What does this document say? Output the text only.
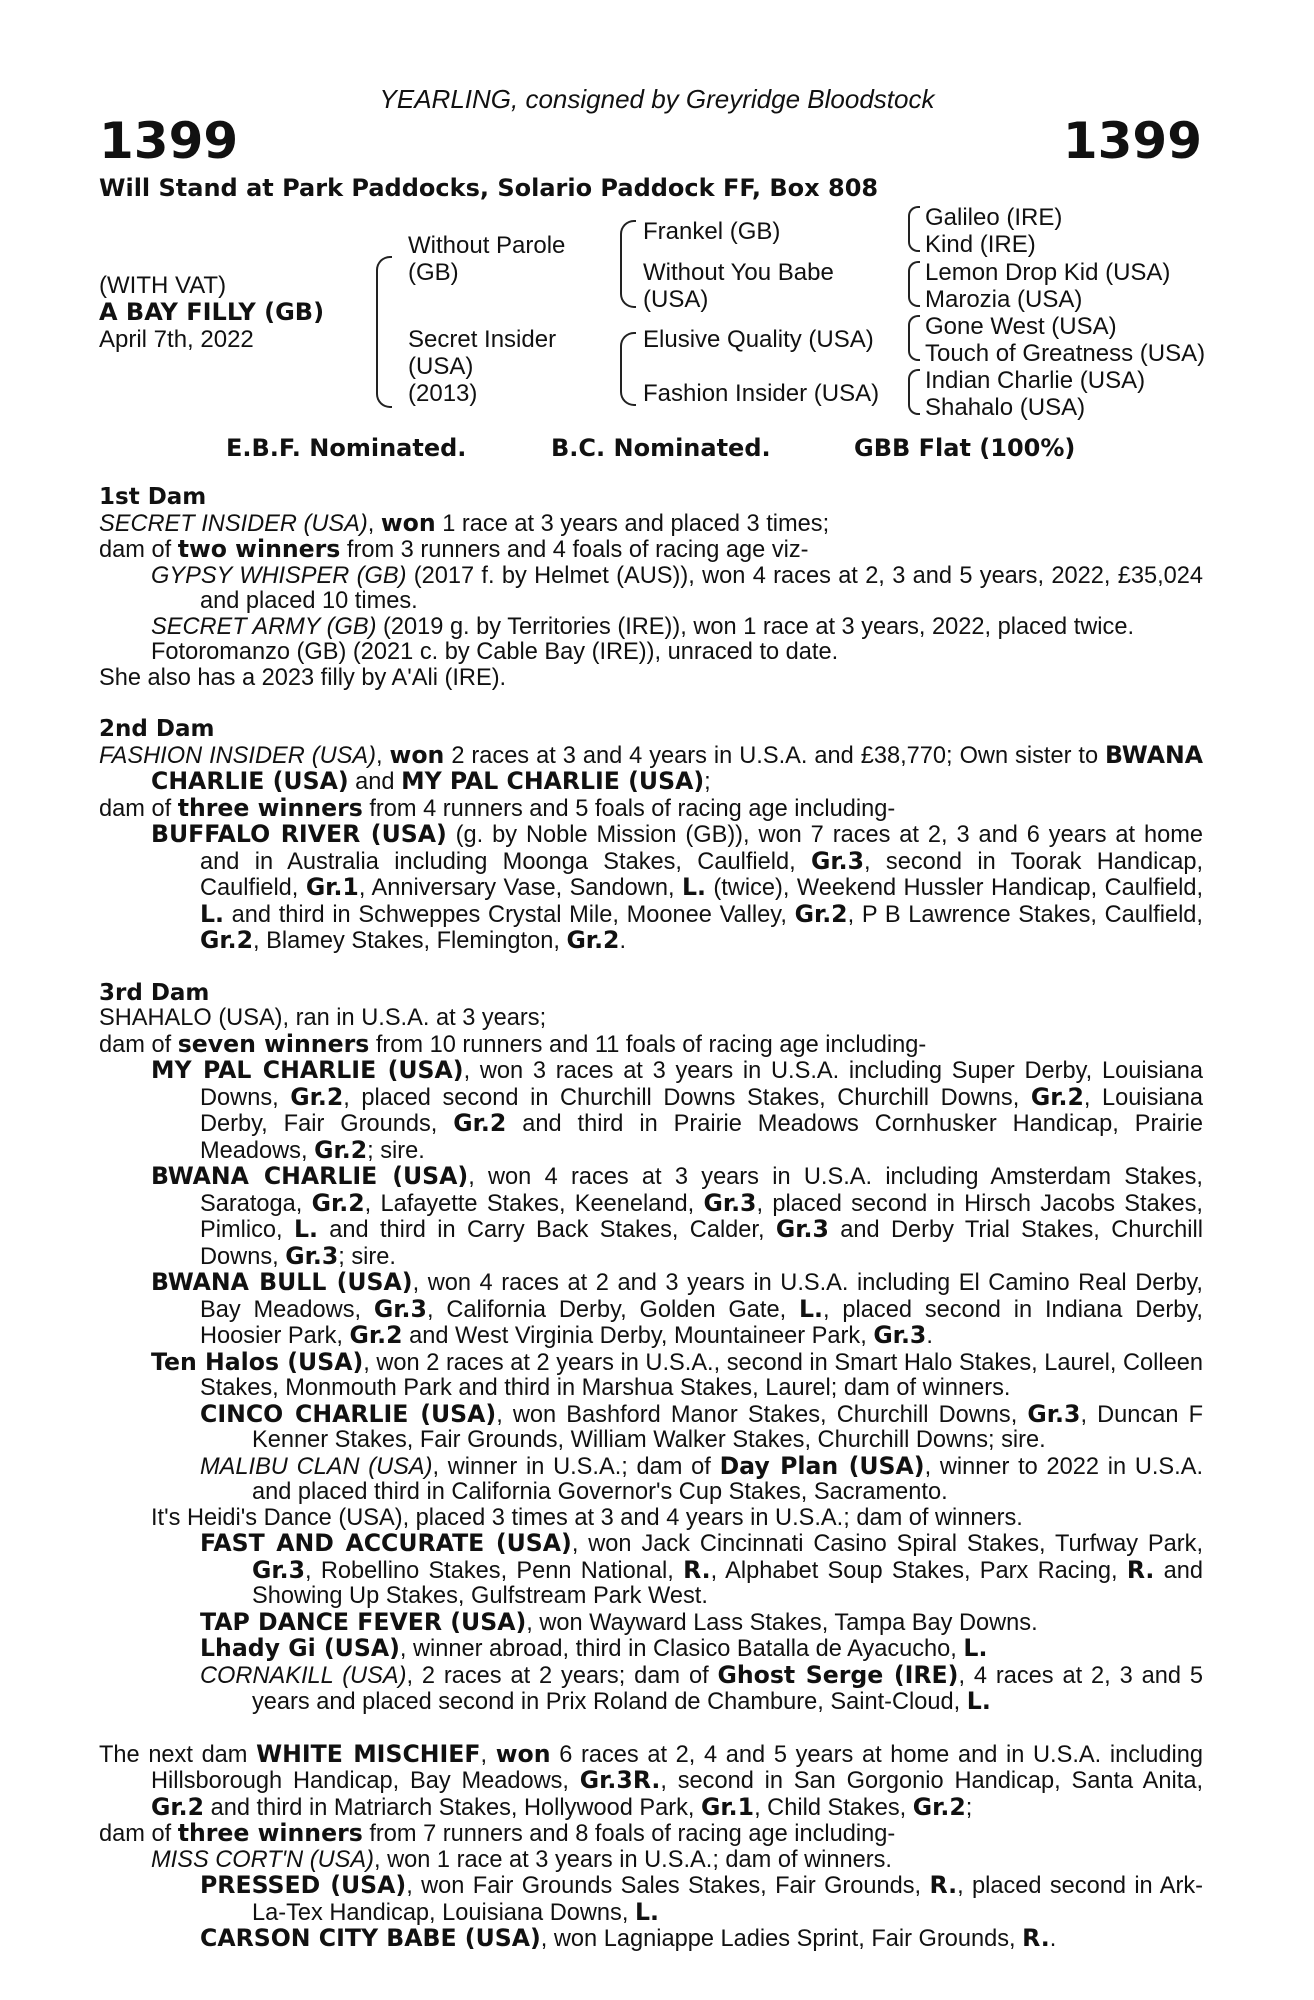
YEARLING, consigned by Greyridge Bloodstock
1399	1399
Will Stand at Park Paddocks, Solario Paddock FF, Box 808
(WITH VAT)
A BAY FILLY (GB)
April 7th, 2022
Without Parole
(GB)
Secret Insider
(USA)
(2013)
Frankel (GB)
Without You Babe
(USA)
Elusive Quality (USA)
Fashion Insider (USA)
Galileo (IRE)
Kind (IRE)
Lemon Drop Kid (USA)
Marozia (USA)
Gone West (USA)
Touch of Greatness (USA)
Indian Charlie (USA)
Shahalo (USA)
E.B.F. Nominated.	B.C. Nominated.	GBB Flat (100%)

1st Dam

SECRET INSIDER (USA), won 1 race at 3 years and placed 3 times;

dam of two winners from 3 runners and 4 foals of racing age viz-

GYPSY WHISPER (GB) (2017 f. by Helmet (AUS)), won 4 races at 2, 3 and 5 years, 2022, £35,024 and placed 10 times.

SECRET ARMY (GB) (2019 g. by Territories (IRE)), won 1 race at 3 years, 2022, placed twice.

Fotoromanzo (GB) (2021 c. by Cable Bay (IRE)), unraced to date.

She also has a 2023 filly by A'Ali (IRE).

2nd Dam

FASHION INSIDER (USA), won 2 races at 3 and 4 years in U.S.A. and £38,770; Own sister to BWANA CHARLIE (USA) and MY PAL CHARLIE (USA);

dam of three winners from 4 runners and 5 foals of racing age including-

BUFFALO RIVER (USA) (g. by Noble Mission (GB)), won 7 races at 2, 3 and 6 years at home and in Australia including Moonga Stakes, Caulfield, Gr.3, second in Toorak Handicap, Caulfield, Gr.1, Anniversary Vase, Sandown, L. (twice), Weekend Hussler Handicap, Caulfield, L. and third in Schweppes Crystal Mile, Moonee Valley, Gr.2, P B Lawrence Stakes, Caulfield, Gr.2, Blamey Stakes, Flemington, Gr.2.

3rd Dam

SHAHALO (USA), ran in U.S.A. at 3 years;

dam of seven winners from 10 runners and 11 foals of racing age including-

MY PAL CHARLIE (USA), won 3 races at 3 years in U.S.A. including Super Derby, Louisiana Downs, Gr.2, placed second in Churchill Downs Stakes, Churchill Downs, Gr.2, Louisiana Derby, Fair Grounds, Gr.2 and third in Prairie Meadows Cornhusker Handicap, Prairie Meadows, Gr.2; sire.

BWANA CHARLIE (USA), won 4 races at 3 years in U.S.A. including Amsterdam Stakes, Saratoga, Gr.2, Lafayette Stakes, Keeneland, Gr.3, placed second in Hirsch Jacobs Stakes, Pimlico, L. and third in Carry Back Stakes, Calder, Gr.3 and Derby Trial Stakes, Churchill Downs, Gr.3; sire.

BWANA BULL (USA), won 4 races at 2 and 3 years in U.S.A. including El Camino Real Derby, Bay Meadows, Gr.3, California Derby, Golden Gate, L., placed second in Indiana Derby, Hoosier Park, Gr.2 and West Virginia Derby, Mountaineer Park, Gr.3.

Ten Halos (USA), won 2 races at 2 years in U.S.A., second in Smart Halo Stakes, Laurel, Colleen Stakes, Monmouth Park and third in Marshua Stakes, Laurel; dam of winners.

CINCO CHARLIE (USA), won Bashford Manor Stakes, Churchill Downs, Gr.3, Duncan F Kenner Stakes, Fair Grounds, William Walker Stakes, Churchill Downs; sire.

MALIBU CLAN (USA), winner in U.S.A.; dam of Day Plan (USA), winner to 2022 in U.S.A. and placed third in California Governor's Cup Stakes, Sacramento.

It's Heidi's Dance (USA), placed 3 times at 3 and 4 years in U.S.A.; dam of winners.

FAST AND ACCURATE (USA), won Jack Cincinnati Casino Spiral Stakes, Turfway Park, Gr.3, Robellino Stakes, Penn National, R., Alphabet Soup Stakes, Parx Racing, R. and Showing Up Stakes, Gulfstream Park West.

TAP DANCE FEVER (USA), won Wayward Lass Stakes, Tampa Bay Downs.

Lhady Gi (USA), winner abroad, third in Clasico Batalla de Ayacucho, L.

CORNAKILL (USA), 2 races at 2 years; dam of Ghost Serge (IRE), 4 races at 2, 3 and 5 years and placed second in Prix Roland de Chambure, Saint-Cloud, L.

The next dam WHITE MISCHIEF, won 6 races at 2, 4 and 5 years at home and in U.S.A. including Hillsborough Handicap, Bay Meadows, Gr.3R., second in San Gorgonio Handicap, Santa Anita, Gr.2 and third in Matriarch Stakes, Hollywood Park, Gr.1, Child Stakes, Gr.2;

dam of three winners from 7 runners and 8 foals of racing age including-

MISS CORT'N (USA), won 1 race at 3 years in U.S.A.; dam of winners.

PRESSED (USA), won Fair Grounds Sales Stakes, Fair Grounds, R., placed second in Ark-La-Tex Handicap, Louisiana Downs, L.

CARSON CITY BABE (USA), won Lagniappe Ladies Sprint, Fair Grounds, R..
